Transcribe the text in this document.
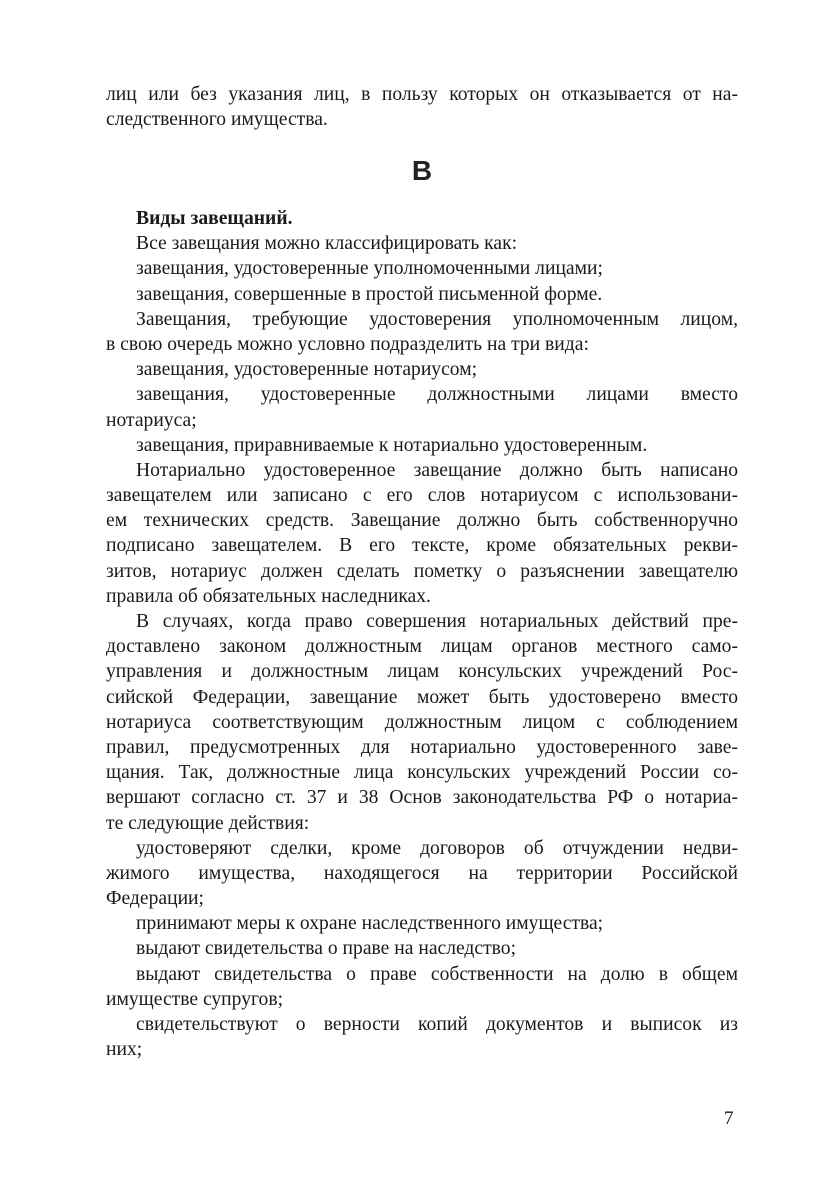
лиц или без указания лиц, в пользу которых он отказывается от на-
следственного имущества.
В
Виды завещаний.
Все завещания можно классифицировать как:
завещания, удостоверенные уполномоченными лицами;
завещания, совершенные в простой письменной форме.
Завещания, требующие удостоверения уполномоченным лицом,
в свою очередь можно условно подразделить на три вида:
завещания, удостоверенные нотариусом;
завещания, удостоверенные должностными лицами вместо
нотариуса;
завещания, приравниваемые к нотариально удостоверенным.
Нотариально удостоверенное завещание должно быть написано
завещателем или записано с его слов нотариусом с использовани-
ем технических средств. Завещание должно быть собственноручно
подписано завещателем. В его тексте, кроме обязательных рекви-
зитов, нотариус должен сделать пометку о разъяснении завещателю
правила об обязательных наследниках.
В случаях, когда право совершения нотариальных действий пре-
доставлено законом должностным лицам органов местного само-
управления и должностным лицам консульских учреждений Рос-
сийской Федерации, завещание может быть удостоверено вместо
нотариуса соответствующим должностным лицом с соблюдением
правил, предусмотренных для нотариально удостоверенного заве-
щания. Так, должностные лица консульских учреждений России со-
вершают согласно ст. 37 и 38 Основ законодательства РФ о нотариа-
те следующие действия:
удостоверяют сделки, кроме договоров об отчуждении недви-
жимого имущества, находящегося на территории Российской
Федерации;
принимают меры к охране наследственного имущества;
выдают свидетельства о праве на наследство;
выдают свидетельства о праве собственности на долю в общем
имуществе супругов;
свидетельствуют о верности копий документов и выписок из
них;
7
